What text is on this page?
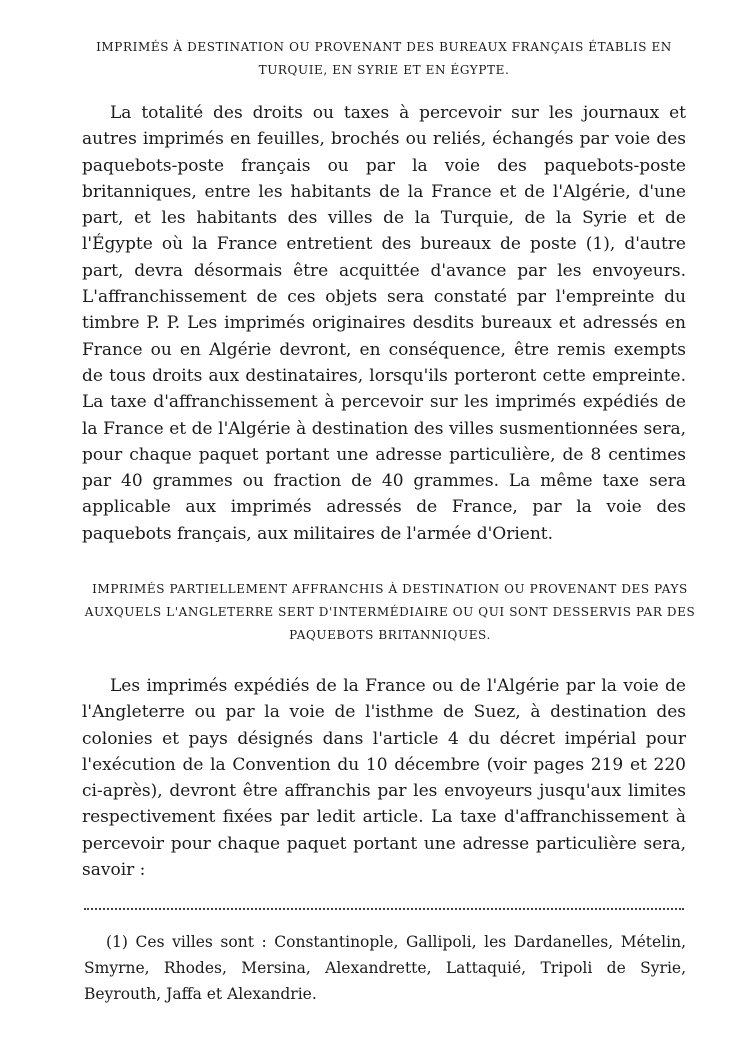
IMPRIMÉS À DESTINATION OU PROVENANT DES BUREAUX FRANÇAIS ÉTABLIS EN TURQUIE, EN SYRIE ET EN ÉGYPTE.

La totalité des droits ou taxes à percevoir sur les journaux et autres imprimés en feuilles, brochés ou reliés, échangés par voie des paquebots-poste français ou par la voie des paquebots-poste britanniques, entre les habitants de la France et de l'Algérie, d'une part, et les habitants des villes de la Turquie, de la Syrie et de l'Égypte où la France entretient des bureaux de poste (1), d'autre part, devra désormais être acquittée d'avance par les envoyeurs. L'affranchissement de ces objets sera constaté par l'empreinte du timbre P. P. Les imprimés originaires desdits bureaux et adressés en France ou en Algérie devront, en conséquence, être remis exempts de tous droits aux destinataires, lorsqu'ils porteront cette empreinte. La taxe d'affranchissement à percevoir sur les imprimés expédiés de la France et de l'Algérie à destination des villes susmentionnées sera, pour chaque paquet portant une adresse particulière, de 8 centimes par 40 grammes ou fraction de 40 grammes. La même taxe sera applicable aux imprimés adressés de France, par la voie des paquebots français, aux militaires de l'armée d'Orient.

IMPRIMÉS PARTIELLEMENT AFFRANCHIS À DESTINATION OU PROVENANT DES PAYS AUXQUELS L'ANGLETERRE SERT D'INTERMÉDIAIRE OU QUI SONT DESSERVIS PAR DES PAQUEBOTS BRITANNIQUES.

Les imprimés expédiés de la France ou de l'Algérie par la voie de l'Angleterre ou par la voie de l'isthme de Suez, à destination des colonies et pays désignés dans l'article 4 du décret impérial pour l'exécution de la Convention du 10 décembre (voir pages 219 et 220 ci-après), devront être affranchis par les envoyeurs jusqu'aux limites respectivement fixées par ledit article. La taxe d'affranchissement à percevoir pour chaque paquet portant une adresse particulière sera, savoir :

(1) Ces villes sont : Constantinople, Gallipoli, les Dardanelles, Mételin, Smyrne, Rhodes, Mersina, Alexandrette, Lattaquié, Tripoli de Syrie, Beyrouth, Jaffa et Alexandrie.
